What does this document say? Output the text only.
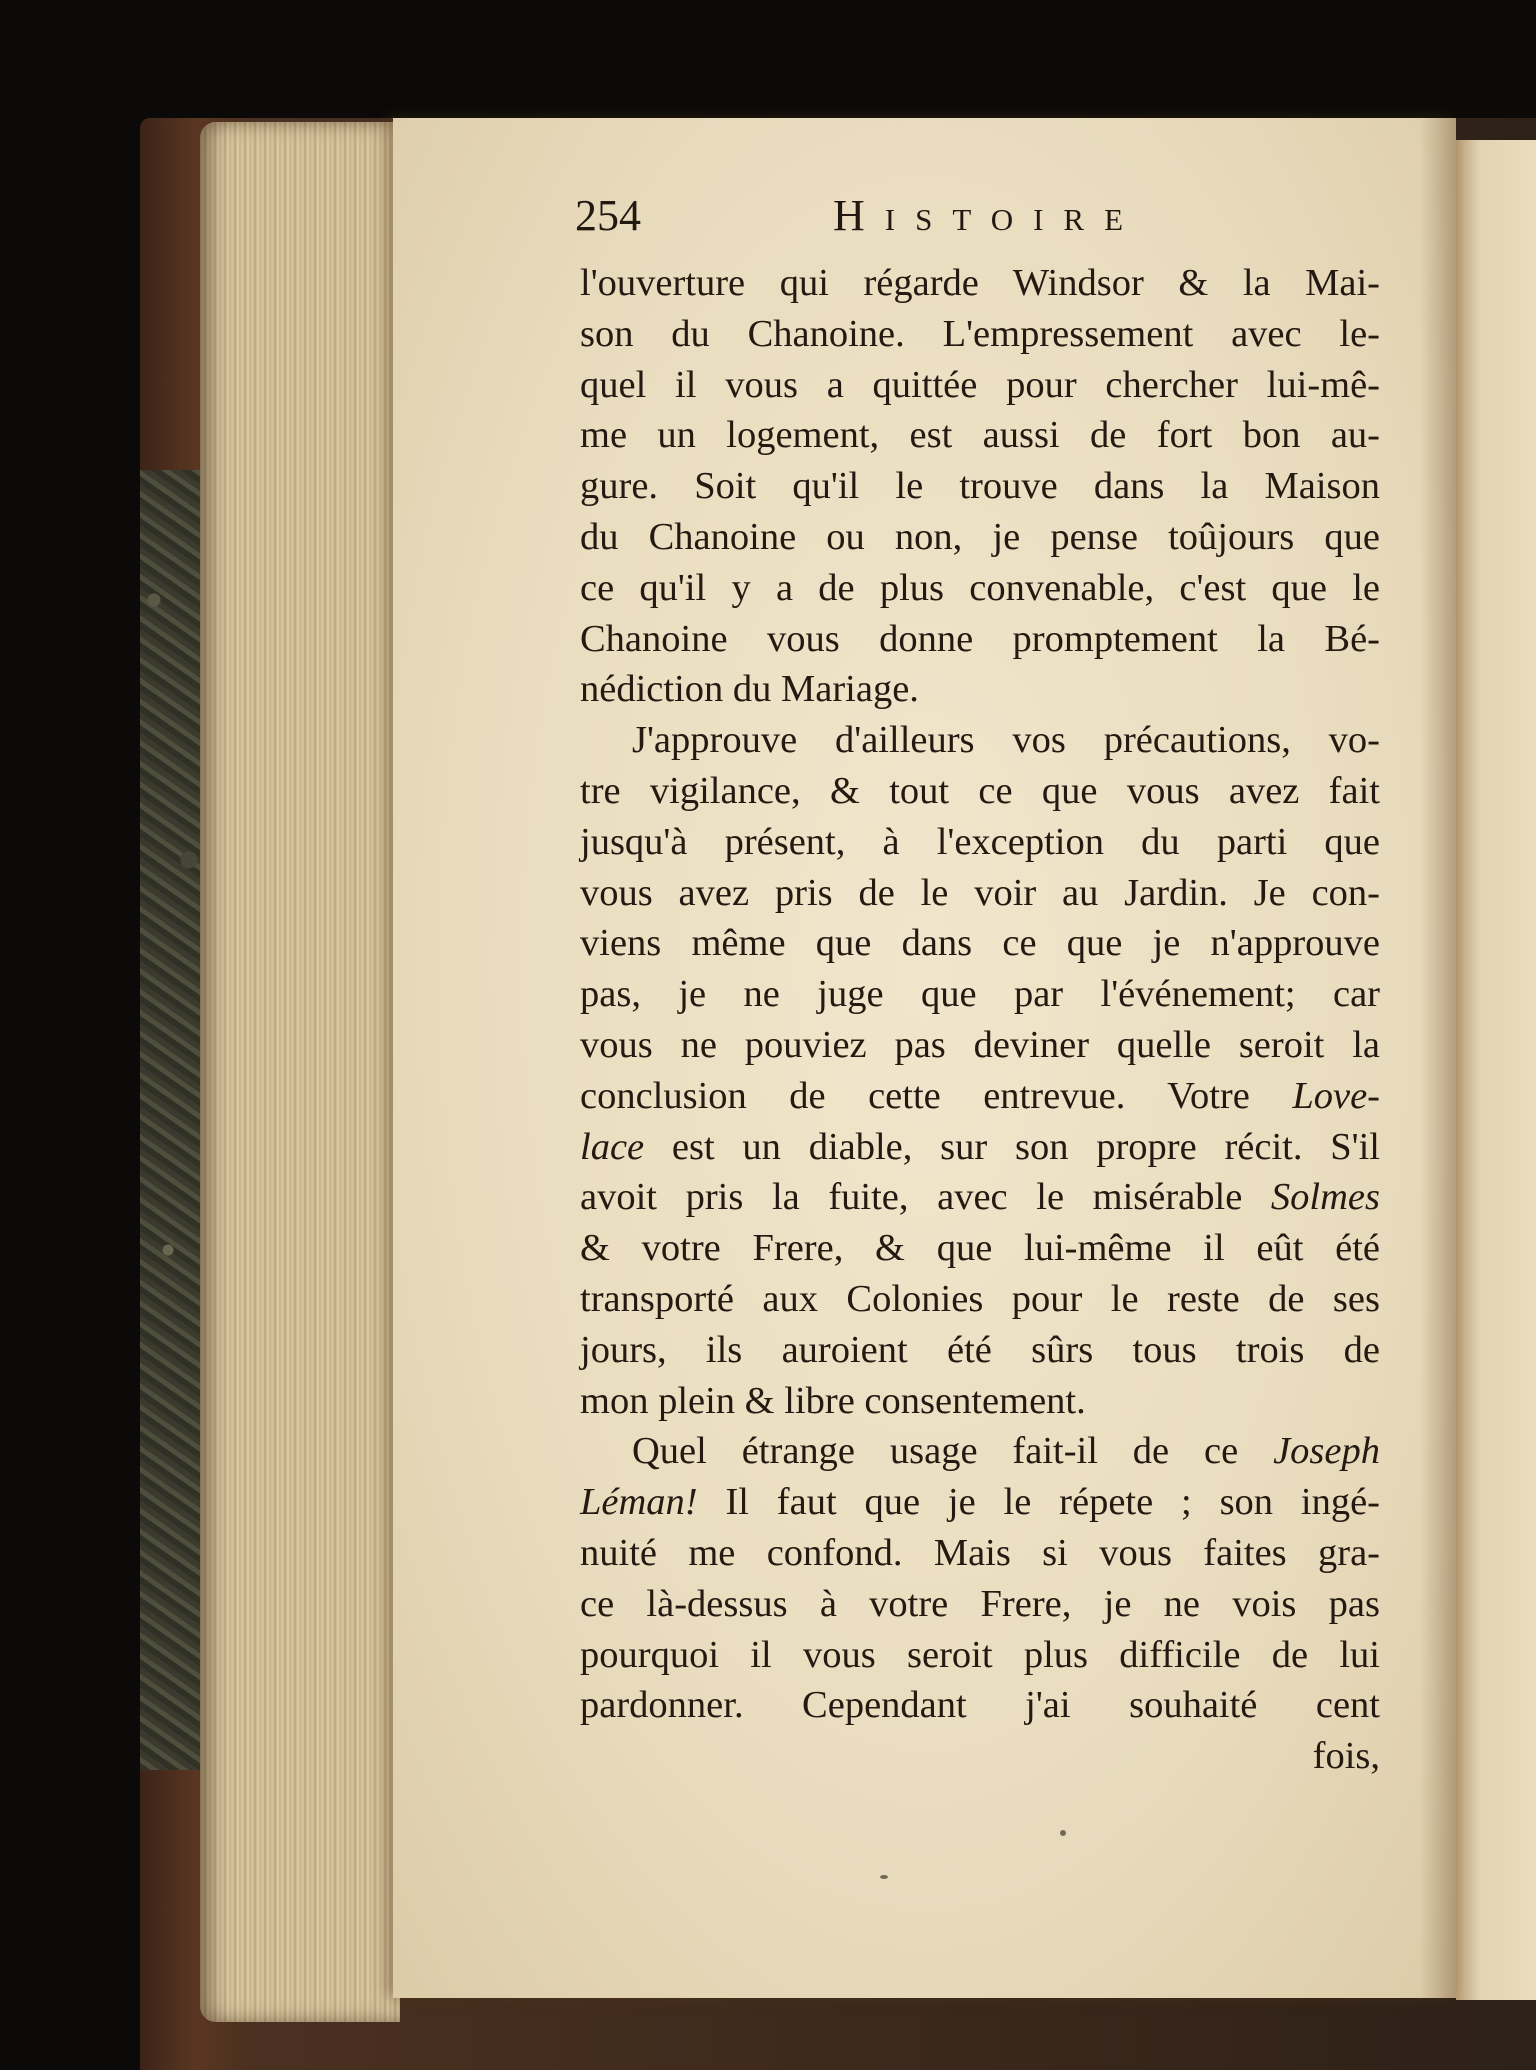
254	Histoire
l'ouverture qui régarde Windsor & la Mai-
son du Chanoine. L'empressement avec le-
quel il vous a quittée pour chercher lui-mê-
me un logement, est aussi de fort bon au-
gure. Soit qu'il le trouve dans la Maison
du Chanoine ou non, je pense toûjours que
ce qu'il y a de plus convenable, c'est que le
Chanoine vous donne promptement la Bé-
nédiction du Mariage.
J'approuve d'ailleurs vos précautions, vo-
tre vigilance, & tout ce que vous avez fait
jusqu'à présent, à l'exception du parti que
vous avez pris de le voir au Jardin. Je con-
viens même que dans ce que je n'approuve
pas, je ne juge que par l'événement; car
vous ne pouviez pas deviner quelle seroit la
conclusion de cette entrevue. Votre Love-
lace est un diable, sur son propre récit. S'il
avoit pris la fuite, avec le misérable Solmes
& votre Frere, & que lui-même il eût été
transporté aux Colonies pour le reste de ses
jours, ils auroient été sûrs tous trois de
mon plein & libre consentement.
Quel étrange usage fait-il de ce Joseph
Léman! Il faut que je le répete ; son ingé-
nuité me confond. Mais si vous faites gra-
ce là-dessus à votre Frere, je ne vois pas
pourquoi il vous seroit plus difficile de lui
pardonner. Cependant j'ai souhaité cent
fois,
